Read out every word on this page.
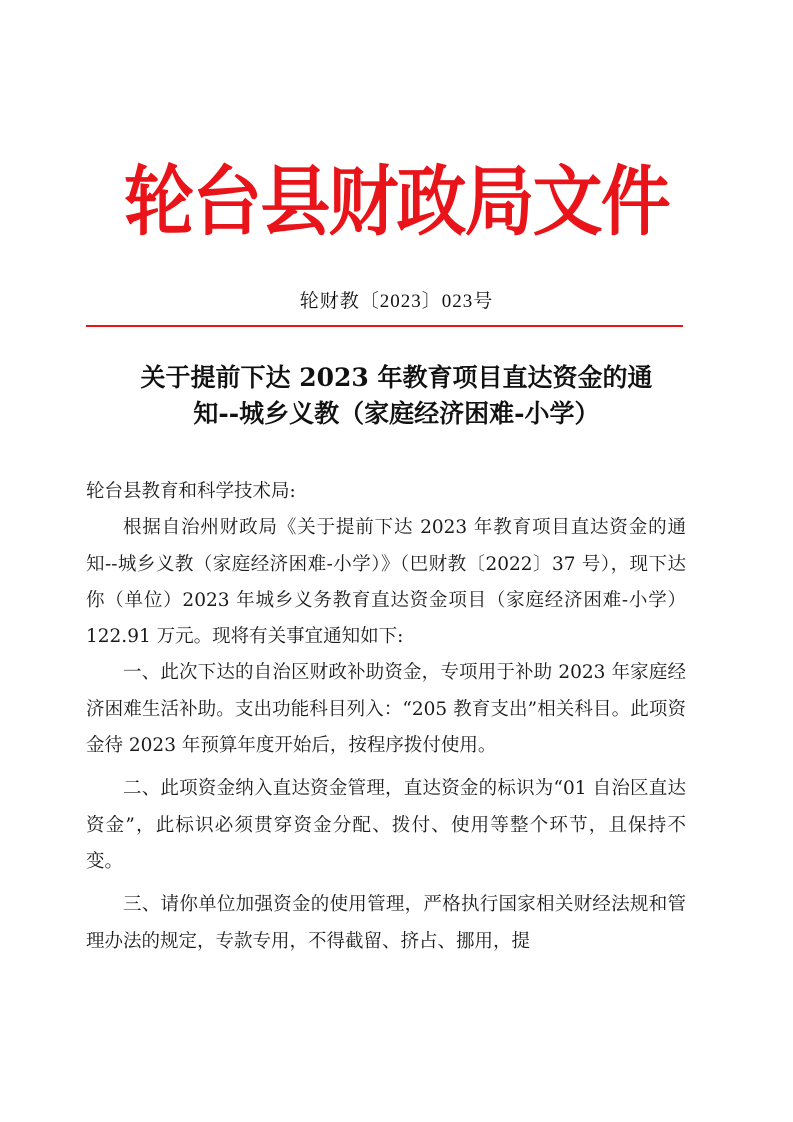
轮台县财政局文件
轮财教〔2023〕023号
关于提前下达 2023 年教育项目直达资金的通
知--城乡义教（家庭经济困难-小学）

轮台县教育和科学技术局:

根据自治州财政局《关于提前下达 2023 年教育项目直达资金的通知--城乡义教（家庭经济困难-小学）》（巴财教〔2022〕37 号），现下达你（单位）2023 年城乡义务教育直达资金项目（家庭经济困难-小学）122.91 万元。现将有关事宜通知如下:

一、此次下达的自治区财政补助资金，专项用于补助 2023 年家庭经济困难生活补助。支出功能科目列入：“205 教育支出”相关科目。此项资金待 2023 年预算年度开始后，按程序拨付使用。

二、此项资金纳入直达资金管理，直达资金的标识为“01 自治区直达资金”，此标识必须贯穿资金分配、拨付、使用等整个环节，且保持不变。

三、请你单位加强资金的使用管理，严格执行国家相关财经法规和管理办法的规定，专款专用，不得截留、挤占、挪用，提
